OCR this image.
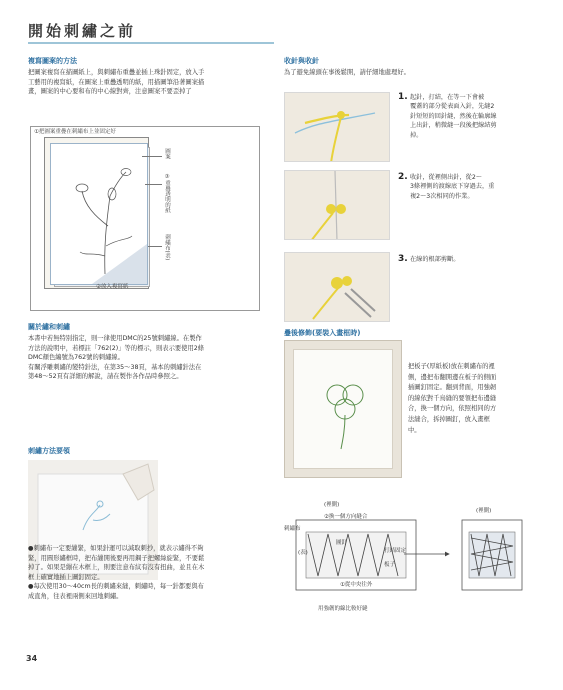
開始刺繡之前
複寫圖案的方法
把圖案複寫在描圖紙上，與刺繡布重疊並插上珠針固定，放入手
工藝用的複寫紙，在圖案上重疊透明的紙，用描圖筆沿著圖案描
畫，圖案的中心要和布的中心線對齊，注意圖案不要歪掉了
①把圖案重疊在刺繡布上並固定好
圖案
③重疊透明的紙
刺繡布(表)
②放入複寫紙
關於繡和刺繡
本書中若無特別指定，則一律使用DMC的25號刺繡線。在製作
方法的說明中，若標註「762(2)」等的標示，則表示要使用2條
DMC顏色編號為762號的刺繡線。
有關浮雕刺繡的變特針法，在第35～38頁，基本的刺繡針法在
第48～52頁有詳細的解說，請在製作各作品時參照之。
刺繡方法要領
●刺繡布一定要繃緊，如果針運可以減取刺抄，就表示繡得不夠
緊，用圓形繡框時，把布繃開後要再用鋼子把螺絲旋緊，不要鬆
掉了。如果是繃在木框上，則要注意布紋有沒有扭曲，並且在木
框上確實地插上圖釘固定。
●每次使用30～40cm長的刺繡來縫，刺繡時，每一針都要與布
成直角，往表裡兩側來回地刺繡。
收針與收針
為了避免線頭在事後鬆開，請仔細地處理好。
1. 起針，打結，在等一下會被
覆蓋的部分從表面入針，先縫2
針短短的回針縫，然後在輪廓線
上出針，稍微縫一段後把線結剪
掉。
2. 收針，從裡側出針，從2～
3條裡側的渡線底下穿過去，重
複2～3次相同的作業。
3. 在線的根部剪斷。
疊後修飾(要裝入畫框時)
把板子(厚紙板)放在刺繡布的裡
側，邊把布翻開邊在板子的側面
插圖釘固定。翻到背面，用強韌
的線依對千鳥縫的要領把布邊縫
合，換一個方向，依照相同的方
法縫合，拆掉圖釘，放入畫框
中。
(裡側)
刺繡布
②換一個方向縫合
(表)
圖釘
打結固定
板子
①從中央往外
用強韌的線比較好縫
(裡側)
34
